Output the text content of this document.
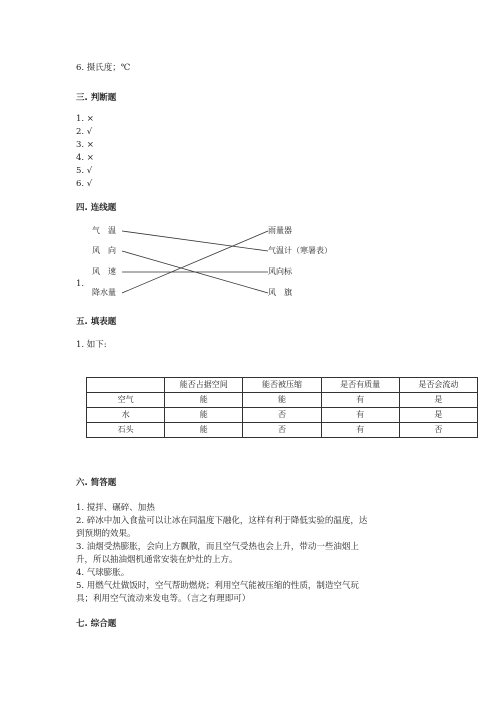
6. 摄氏度；℃
三. 判断题
1. ×
2. √
3. ×
4. ×
5. √
6. √
四. 连线题
1.
气　温
风　向
风　速
降水量
雨量器
气温计（寒暑表）
风向标
风　旗
五. 填表题
1. 如下:
	能否占据空间	能否被压缩	是否有质量	是否会流动
空气	能	能	有	是
水	能	否	有	是
石头	能	否	有	否
六. 简答题
1. 搅拌、碾碎、加热
2. 碎冰中加入食盐可以让冰在同温度下融化，这样有利于降低实验的温度，达
到预期的效果。
3. 油烟受热膨胀，会向上方飘散，而且空气受热也会上升，带动一些油烟上
升，所以抽油烟机通常安装在炉灶的上方。
4. 气球膨胀。
5. 用燃气灶做饭时，空气帮助燃烧；利用空气能被压缩的性质，制造空气玩
具；利用空气流动来发电等。（言之有理即可）
七. 综合题
